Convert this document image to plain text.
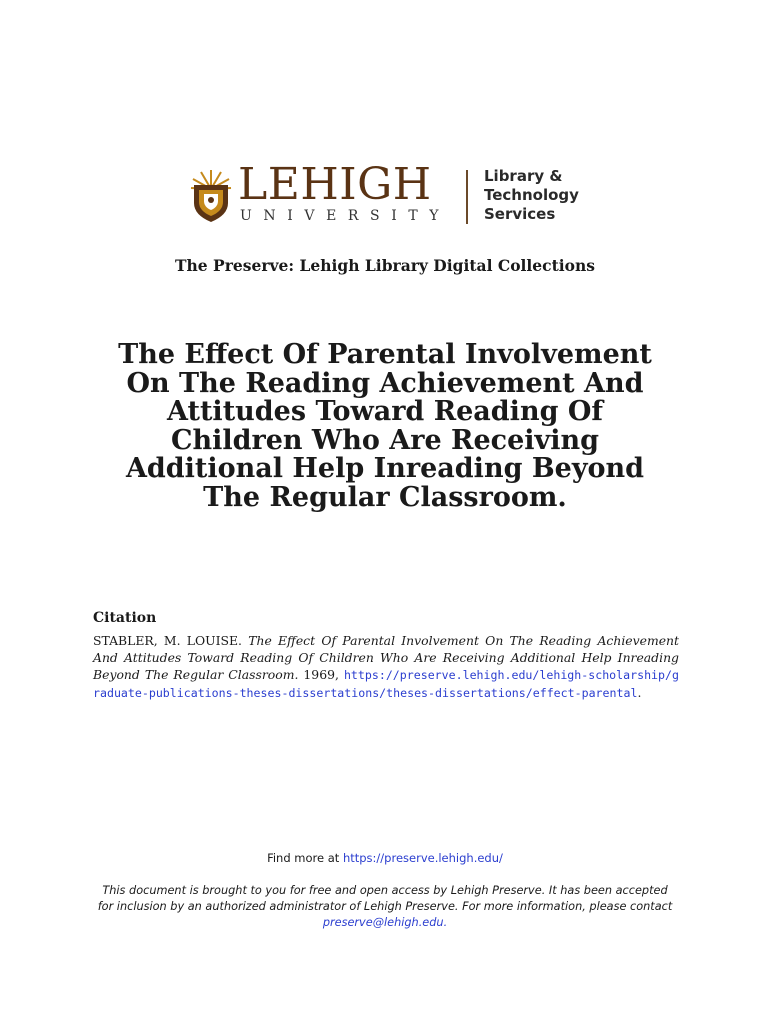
LEHIGH
UNIVERSITY
Library &
Technology
Services
The Preserve: Lehigh Library Digital Collections
The Effect Of Parental Involvement
On The Reading Achievement And
Attitudes Toward Reading Of
Children Who Are Receiving
Additional Help Inreading Beyond
The Regular Classroom.
Citation
STABLER, M. LOUISE. The Effect Of Parental Involvement On The Reading Achievement And Attitudes Toward Reading Of Children Who Are Receiving Additional Help Inreading Beyond The Regular Classroom. 1969, https://preserve.lehigh.edu/lehigh-scholarship/graduate-publications-theses-dissertations/theses-dissertations/effect-parental.
Find more at https://preserve.lehigh.edu/
This document is brought to you for free and open access by Lehigh Preserve. It has been accepted for inclusion by an authorized administrator of Lehigh Preserve. For more information, please contact
preserve@lehigh.edu.
